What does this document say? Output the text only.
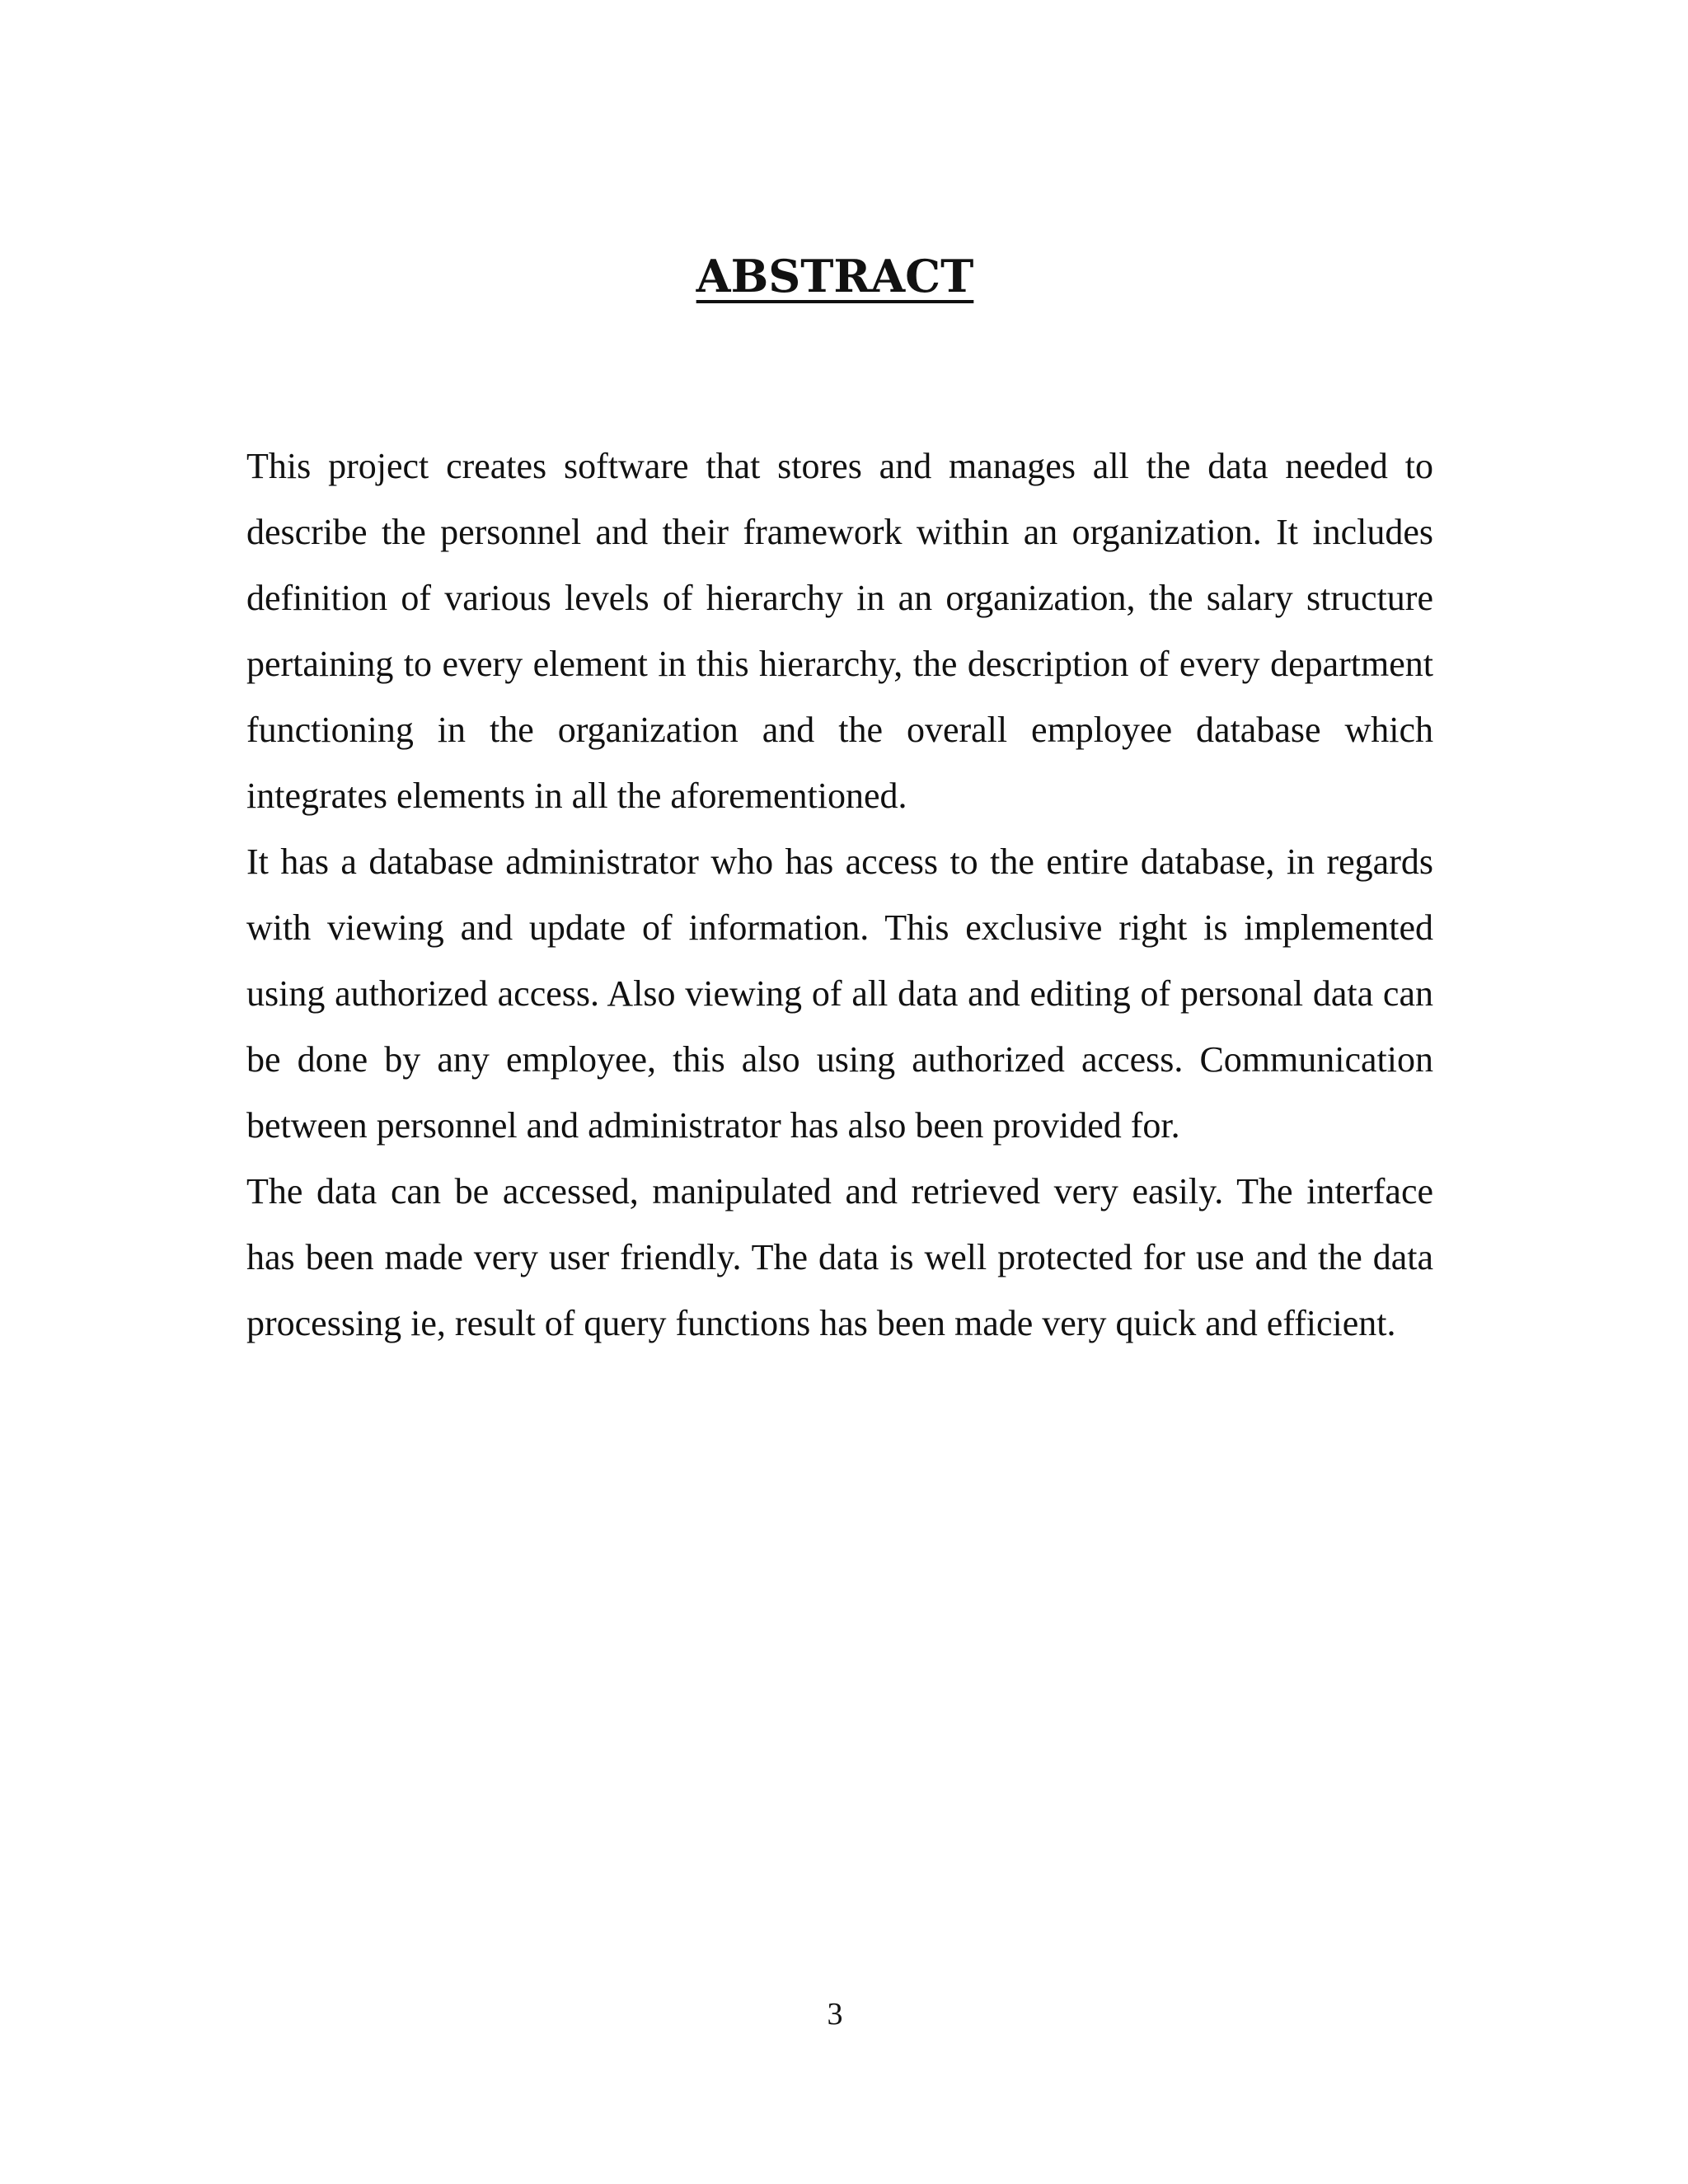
ABSTRACT

This project creates software that stores and manages all the data needed to describe the personnel and their framework within an organization. It includes definition of various levels of hierarchy in an organization, the salary structure pertaining to every element in this hierarchy, the description of every department functioning in the organization and the overall employee database which integrates elements in all the aforementioned.

It has a database administrator who has access to the entire database, in regards with viewing and update of information. This exclusive right is implemented using authorized access. Also viewing of all data and editing of personal data can be done by any employee, this also using authorized access. Communication between personnel and administrator has also been provided for.

The data can be accessed, manipulated and retrieved very easily. The interface has been made very user friendly. The data is well protected for use and the data processing ie, result of query functions has been made very quick and efficient.

3
